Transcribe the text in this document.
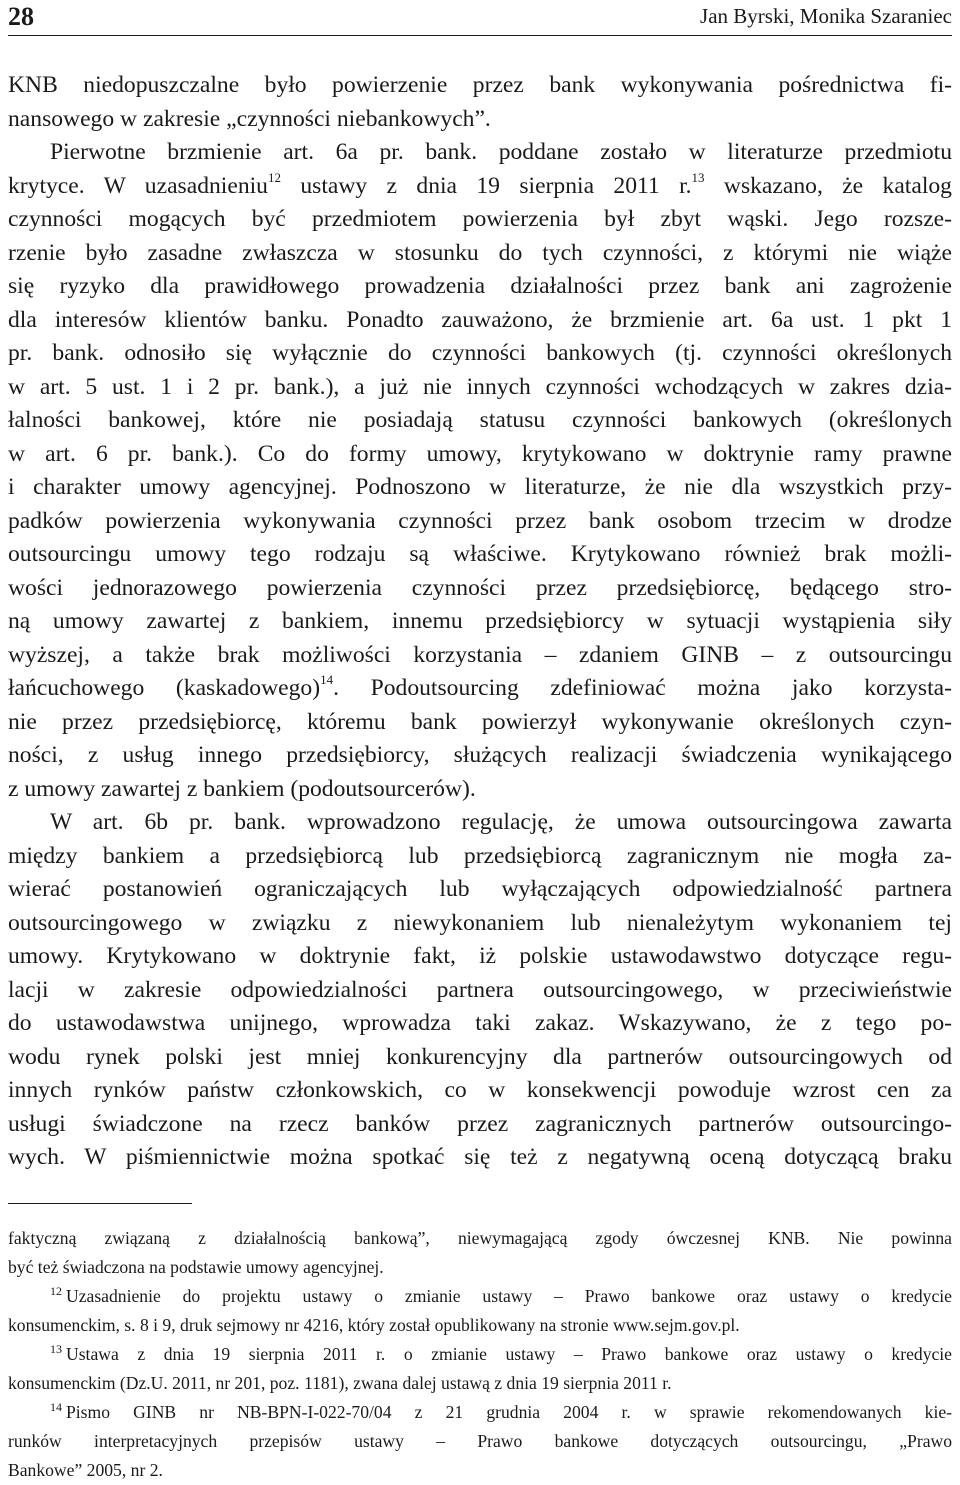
28	Jan Byrski, Monika Szaraniec
KNB niedopuszczalne było powierzenie przez bank wykonywania pośrednictwa fi-
nansowego w zakresie „czynności niebankowych”.
Pierwotne brzmienie art. 6a pr. bank. poddane zostało w literaturze przedmiotu
krytyce. W uzasadnieniu$^{12}$ ustawy z dnia 19 sierpnia 2011 r.$^{13}$ wskazano, że katalog
czynności mogących być przedmiotem powierzenia był zbyt wąski. Jego rozsze-
rzenie było zasadne zwłaszcza w stosunku do tych czynności, z którymi nie wiąże
się ryzyko dla prawidłowego prowadzenia działalności przez bank ani zagrożenie
dla interesów klientów banku. Ponadto zauważono, że brzmienie art. 6a ust. 1 pkt 1
pr. bank. odnosiło się wyłącznie do czynności bankowych (tj. czynności określonych
w art. 5 ust. 1 i 2 pr. bank.), a już nie innych czynności wchodzących w zakres dzia-
łalności bankowej, które nie posiadają statusu czynności bankowych (określonych
w art. 6 pr. bank.). Co do formy umowy, krytykowano w doktrynie ramy prawne
i charakter umowy agencyjnej. Podnoszono w literaturze, że nie dla wszystkich przy-
padków powierzenia wykonywania czynności przez bank osobom trzecim w drodze
outsourcingu umowy tego rodzaju są właściwe. Krytykowano również brak możli-
wości jednorazowego powierzenia czynności przez przedsiębiorcę, będącego stro-
ną umowy zawartej z bankiem, innemu przedsiębiorcy w sytuacji wystąpienia siły
wyższej, a także brak możliwości korzystania – zdaniem GINB – z outsourcingu
łańcuchowego (kaskadowego)$^{14}$. Podoutsourcing zdefiniować można jako korzysta-
nie przez przedsiębiorcę, któremu bank powierzył wykonywanie określonych czyn-
ności, z usług innego przedsiębiorcy, służących realizacji świadczenia wynikającego
z umowy zawartej z bankiem (podoutsourcerów).
W art. 6b pr. bank. wprowadzono regulację, że umowa outsourcingowa zawarta
między bankiem a przedsiębiorcą lub przedsiębiorcą zagranicznym nie mogła za-
wierać postanowień ograniczających lub wyłączających odpowiedzialność partnera
outsourcingowego w związku z niewykonaniem lub nienależytym wykonaniem tej
umowy. Krytykowano w doktrynie fakt, iż polskie ustawodawstwo dotyczące regu-
lacji w zakresie odpowiedzialności partnera outsourcingowego, w przeciwieństwie
do ustawodawstwa unijnego, wprowadza taki zakaz. Wskazywano, że z tego po-
wodu rynek polski jest mniej konkurencyjny dla partnerów outsourcingowych od
innych rynków państw członkowskich, co w konsekwencji powoduje wzrost cen za
usługi świadczone na rzecz banków przez zagranicznych partnerów outsourcingo-
wych. W piśmiennictwie można spotkać się też z negatywną oceną dotyczącą braku
faktyczną związaną z działalnością bankową”, niewymagającą zgody ówczesnej KNB. Nie powinna
być też świadczona na podstawie umowy agencyjnej.
$^{12}$ Uzasadnienie do projektu ustawy o zmianie ustawy – Prawo bankowe oraz ustawy o kredycie
konsumenckim, s. 8 i 9, druk sejmowy nr 4216, który został opublikowany na stronie www.sejm.gov.pl.
$^{13}$ Ustawa z dnia 19 sierpnia 2011 r. o zmianie ustawy – Prawo bankowe oraz ustawy o kredycie
konsumenckim (Dz.U. 2011, nr 201, poz. 1181), zwana dalej ustawą z dnia 19 sierpnia 2011 r.
$^{14}$ Pismo GINB nr NB-BPN-I-022-70/04 z 21 grudnia 2004 r. w sprawie rekomendowanych kie-
runków interpretacyjnych przepisów ustawy – Prawo bankowe dotyczących outsourcingu, „Prawo
Bankowe” 2005, nr 2.
